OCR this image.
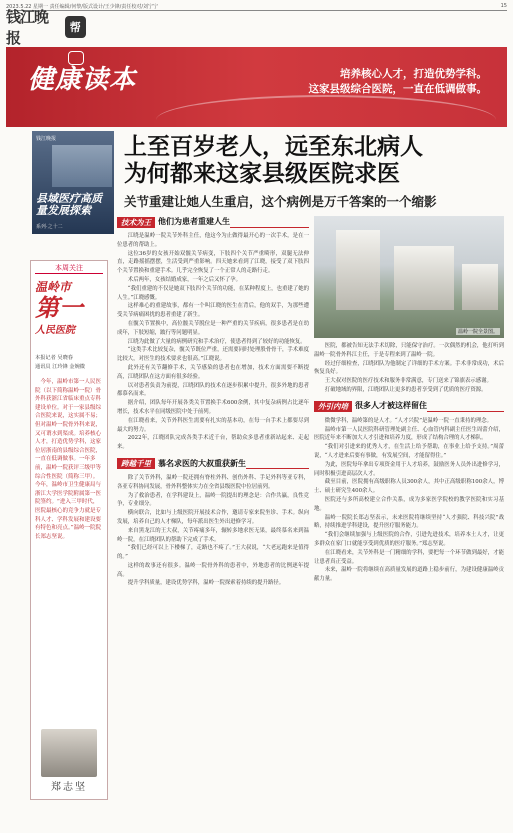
2023.5.22 星期一 责任编辑/何黎/版式设计/王少锋/责任校对/刘宁宁	15
钱江晚报
帮
健康读本	培养核心人才，打造优势学科。
这家县级综合医院，一直在低调做事。
钱江晚报
县域医疗高质量发展探索
系列·之十二
上至百岁老人，远至东北病人
为何都来这家县级医院求医
关节重建让她人生重启，这个病例是万千答案的一个缩影
本周关注
温岭市
第一
人民医院
本报记者 吴晓春
通讯员 江玲锋 金婉微
今年，温岭市第一人民医院（以下简称温岭一院）骨外科获浙江省临床重点专科建设单位。对于一家县级综合医院来说，这实属不易；但对温岭一院骨外科来说，又可谓水到渠成。培养核心人才，打造优势学科，这家位居浙南的县级综合医院，一直在低调做事。一年多前，温岭一院获评三级甲等综合性医院（简称三甲）。今年，温岭市卫生健康局与浙江大学医学院附属第一医院签约。“进入三甲时代，医院最核心的竞争力就是专科人才、学科发展和建设要有特色和亮点。”温岭一院院长郑志坚说。
郑志坚
技术为王 他们为患者重建人生

江晓是温岭一院关节外科主任，他这今为止做得最开心的一次手术，是在一位患者的帮助上。

这位36岁的女孩开始双髋关节病变，下肢四个关节严重畸形，双腿无法伸直，走路摇摇摆摆，生活受到严重影响。四天她来看到了江晓，接受了双下肢四个关节置换和重建手术。几乎完全恢复了一个正常人的走路行走。

术后两年，女孩结婚成家，一年之后又怀了孕。

“我们重建的不仅是她双下肢四个关节的功能，在某种程度上，也重建了她的人生。”江晓感慨。

这样难心的重建故事，都有一个叫江晓的医生在背后，他的双手，为那些遭受关节病痛困扰的患者重建了新生。

在髋关节置换中，高位髋关节脱位是一种严重的关节疾病，很多患者是在幼成年，下肢短缩，跛行等问题明显。

江晓为此做了大量的病例研究和手术治疗，使患者得到了较好的功能恢复。

“这类手术比较复杂，髋关节既位严重，还需要同时处理股骨骨干，手术难度比较大，对医生的技术要求也很高。”江晓说。

此外还有关节翻修手术，关节感染的患者也在增加，技术方面需要不断提高，江晓团队在这方面有很多经验。

以对患者负责为前提，江晓团队的技术在逐步积累中提升，很多外地的患者都慕名而来。

据介绍，团队每年开展各类关节置换手术600余例，其中复杂病例占比逐年增长，技术水平在同级医院中处于前列。

在江晓看来，关节外科医生需要有扎实的基本功，在每一台手术上都要尽到最大的努力。

2022年，江晓团队完成各类手术近千台，帮助众多患者重新站起来、走起来。

跨越千里 慕名求医的大叔重获新生

除了关节外科，温岭一院还拥有脊柱外科、创伤外科、手足外科等亚专科，各亚专科协同发展，骨外科整体实力在全省县级医院中位居前列。

为了救治患者，在学科建设上，温岭一院提出的理念是：合作共赢，良性竞争，专业细分。

横向联合，比如与上级医院开展技术合作，邀请专家来院坐诊、手术。纵向发展，培养自己的人才梯队，每年派出医生外出进修学习。

来自黑龙江的王大叔，关节疼痛多年，辗转多地求医无果，最终慕名来到温岭一院，在江晓团队的帮助下完成了手术。

“我们已经可以上下楼梯了，走路也不疼了。”王大叔说，“大老远跑来是值得的。”

这样的故事还有很多。温岭一院骨外科的患者中，外地患者的比例逐年提高。

提升学科质量，建设优势学科，温岭一院探索着持续的提升路径。

温岭一院全景图。

医院，都被告知无法手术切除，只能保守治疗。一次偶然的机会，他打听到温岭一院骨外科江主任，于是专程来到了温岭一院。

经过仔细检查，江晓团队为他制定了详细的手术方案。手术非常成功，术后恢复良好。

王大叔对医院的医疗技术和服务非常满意，专门送来了锦旗表示感谢。

打破地域的界限，江晓团队让更多的患者享受到了优质的医疗资源。

外引内培 很多人才被这样留住

微微学科，温岭第的是人才。“人才兴院”是温岭一院一直秉持的理念。

温岭市第一人民医院科研管理处副主任、心血管内科副主任医生周蕾介绍，医院近年来不断加大人才引进和培养力度，形成了结构合理的人才梯队。

“我们对引进来的优秀人才，在生活上给予帮助，在事业上给予支持。”周蕾说，“人才进来后要有事做，有发展空间，才能留得住。”

为此，医院每年拿出专项资金用于人才培养，鼓励医务人员外出进修学习，同时积极引进高层次人才。

截至目前，医院拥有高级职称人员300余人，其中正高级职称100余人，博士、硕士研究生400余人。

医院还与多所高校建立合作关系，成为多家医学院校的教学医院和实习基地。

温岭一院院长郑志坚表示，未来医院将继续坚持“人才强院、科技兴院”战略，持续推进学科建设，提升医疗服务能力。

“我们会继续加强与上级医院的合作，引进先进技术，培养本土人才，让更多群众在家门口就能享受到优质的医疗服务。”郑志坚说。

在江晓看来，关节外科是一门精细的学科，要把每一个环节做到最好，才能让患者真正受益。

未来，温岭一院将继续在高质量发展的道路上稳步前行，为建设健康温岭贡献力量。
